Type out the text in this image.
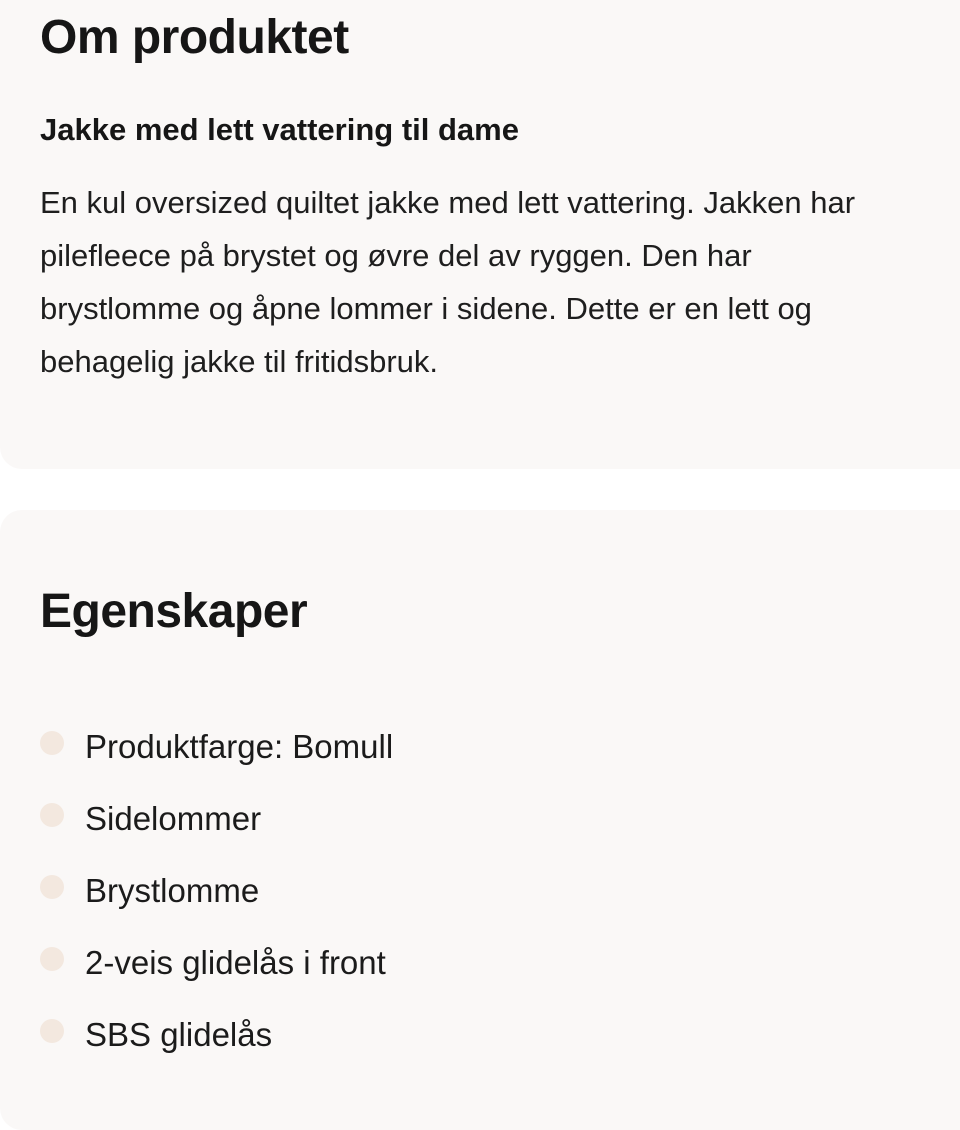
Om produktet
Jakke med lett vattering til dame

En kul oversized quiltet jakke med lett vattering. Jakken har pilefleece på brystet og øvre del av ryggen. Den har brystlomme og åpne lommer i sidene. Dette er en lett og behagelig jakke til fritidsbruk.

Egenskaper
Produktfarge: Bomull
Sidelommer
Brystlomme
2-veis glidelås i front
SBS glidelås
